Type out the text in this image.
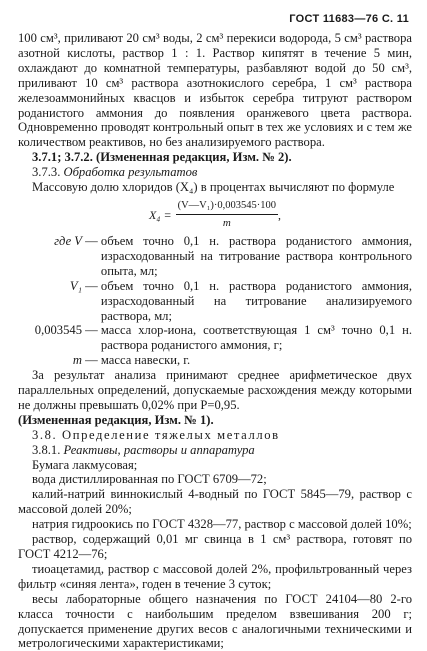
ГОСТ 11683—76 С. 11

100 см³, приливают 20 см³ воды, 2 см³ перекиси водорода, 5 см³ раствора азотной кислоты, раствор 1 : 1. Раствор кипятят в течение 5 мин, охлаждают до комнатной температуры, разбавляют водой до 50 см³, приливают 10 см³ раствора азотнокислого серебра, 1 см³ раствора железоаммонийных квасцов и избыток серебра титруют раствором роданистого аммония до появления оранжевого цвета раствора. Одновременно проводят контрольный опыт в тех же условиях и с тем же количеством реактивов, но без анализируемого раствора.

3.7.1; 3.7.2. (Измененная редакция, Изм. № 2).

3.7.3. Обработка результатов

Массовую долю хлоридов (X₄) в процентах вычисляют по формуле

$X_4 = \frac{\text{(V—V₁)·0,003545·100}}{m}$ ,
где V — объем точно 0,1 н. раствора роданистого аммония, израсходованный на титрование раствора контрольного опыта, мл;
V₁ — объем точно 0,1 н. раствора роданистого аммония, израсходованный на титрование анализируемого раствора, мл;
0,003545 — масса хлор-иона, соответствующая 1 см³ точно 0,1 н. раствора роданистого аммония, г;
m — масса навески, г.

За результат анализа принимают среднее арифметическое двух параллельных определений, допускаемые расхождения между которыми не должны превышать 0,02% при P=0,95.

(Измененная редакция, Изм. № 1).

3.8. Определение тяжелых металлов

3.8.1. Реактивы, растворы и аппаратура

Бумага лакмусовая;

вода дистиллированная по ГОСТ 6709—72;

калий-натрий виннокислый 4-водный по ГОСТ 5845—79, раствор с массовой долей 20%;

натрия гидроокись по ГОСТ 4328—77, раствор с массовой долей 10%;

раствор, содержащий 0,01 мг свинца в 1 см³ раствора, готовят по ГОСТ 4212—76;

тиоацетамид, раствор с массовой долей 2%, профильтрованный через фильтр «синяя лента», годен в течение 3 суток;

весы лабораторные общего назначения по ГОСТ 24104—80 2-го класса точности с наибольшим пределом взвешивания 200 г; допускается применение других весов с аналогичными техническими и метрологическими характеристиками;
